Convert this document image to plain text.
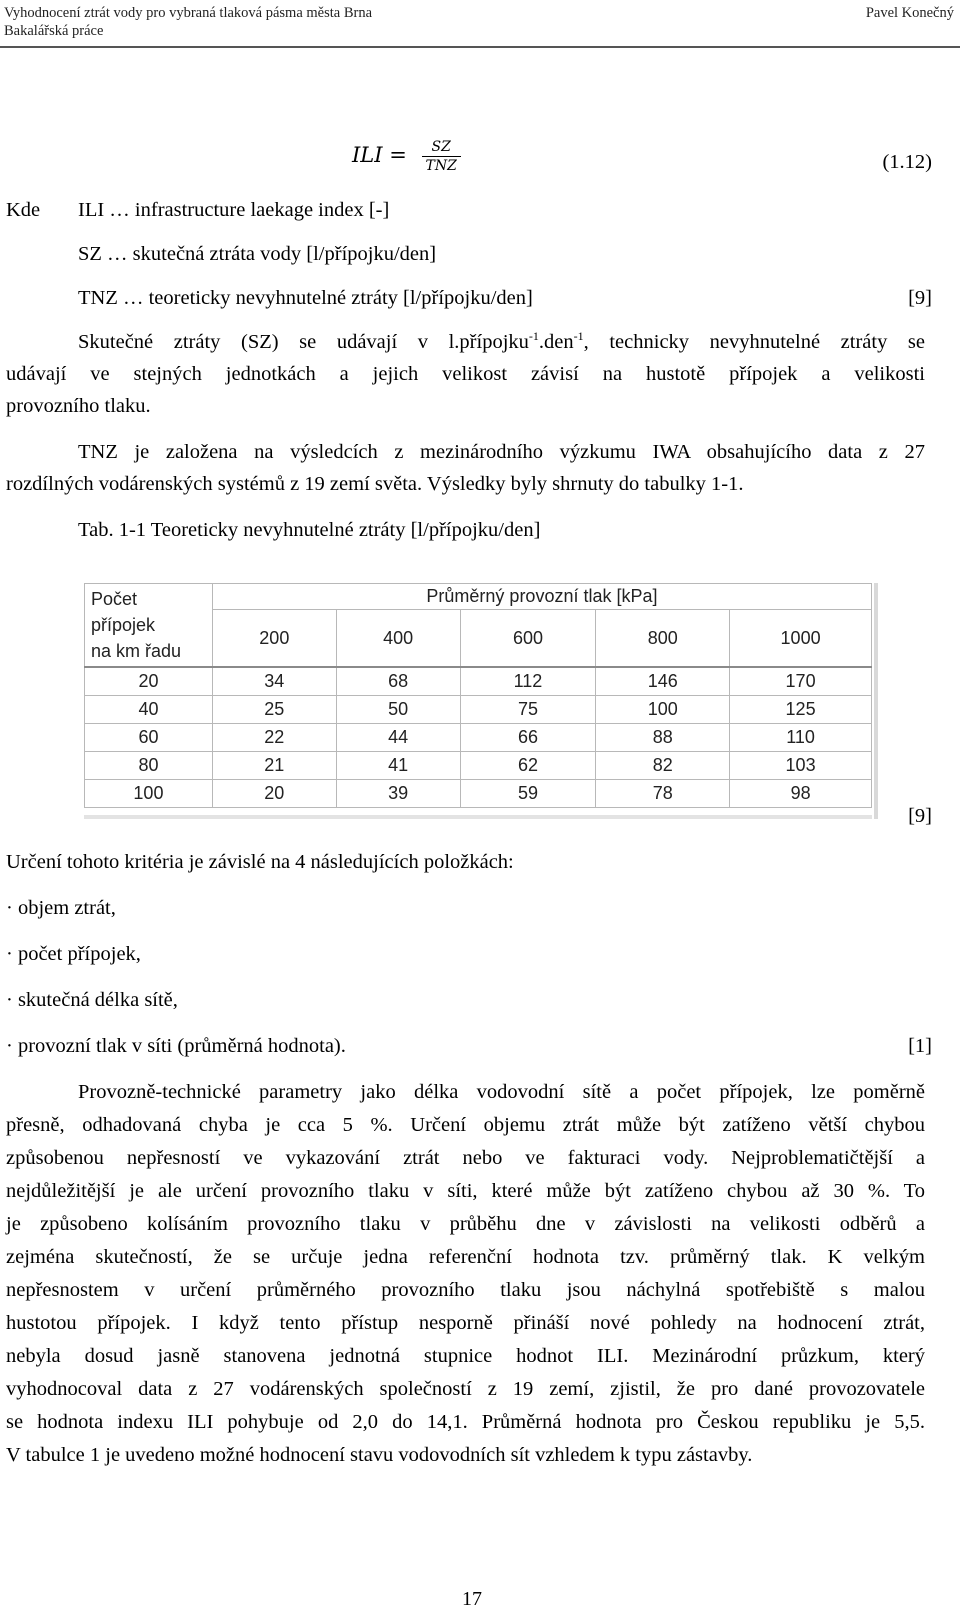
Vyhodnocení ztrát vody pro vybraná tlaková pásma města Brna
Bakalářská práce
Pavel Konečný
ILI = $\frac{SZ}{\text{TNZ}}$	(1.12)
Kde ILI … infrastructure laekage index [-]
SZ … skutečná ztráta vody [l/přípojku/den]
TNZ … teoreticky nevyhnutelné ztráty [l/přípojku/den]	[9]
Skutečné ztráty (SZ) se udávají v l.přípojku$^{-1}$.den$^{-1}$, technicky nevyhnutelné ztráty se
udávají ve stejných jednotkách a jejich velikost závisí na hustotě přípojek a velikosti
provozního tlaku.
TNZ je založena na výsledcích z mezinárodního výzkumu IWA obsahujícího data z 27
rozdílných vodárenských systémů z 19 zemí světa. Výsledky byly shrnuty do tabulky 1-1.
Tab. 1-1 Teoreticky nevyhnutelné ztráty [l/přípojku/den]
Počet
přípojek
na km řadu	Průměrný provozní tlak [kPa]				
	200	400	600	800	1000
20	34	68	112	146	170
40	25	50	75	100	125
60	22	44	66	88	110
80	21	41	62	82	103
100	20	39	59	78	98
[9]
Určení tohoto kritéria je závislé na 4 následujících položkách:
· objem ztrát,
· počet přípojek,
· skutečná délka sítě,
· provozní tlak v síti (průměrná hodnota).	[1]
Provozně-technické parametry jako délka vodovodní sítě a počet přípojek, lze poměrně
přesně, odhadovaná chyba je cca 5 %. Určení objemu ztrát může být zatíženo větší chybou
způsobenou nepřesností ve vykazování ztrát nebo ve fakturaci vody. Nejproblematičtější a
nejdůležitější je ale určení provozního tlaku v síti, které může být zatíženo chybou až 30 %. To
je způsobeno kolísáním provozního tlaku v průběhu dne v závislosti na velikosti odběrů a
zejména skutečností, že se určuje jedna referenční hodnota tzv. průměrný tlak. K velkým
nepřesnostem v určení průměrného provozního tlaku jsou náchylná spotřebiště s malou
hustotou přípojek. I když tento přístup nesporně přináší nové pohledy na hodnocení ztrát,
nebyla dosud jasně stanovena jednotná stupnice hodnot ILI. Mezinárodní průzkum, který
vyhodnocoval data z 27 vodárenských společností z 19 zemí, zjistil, že pro dané provozovatele
se hodnota indexu ILI pohybuje od 2,0 do 14,1. Průměrná hodnota pro Českou republiku je 5,5.
V tabulce 1 je uvedeno možné hodnocení stavu vodovodních sít vzhledem k typu zástavby.
17
